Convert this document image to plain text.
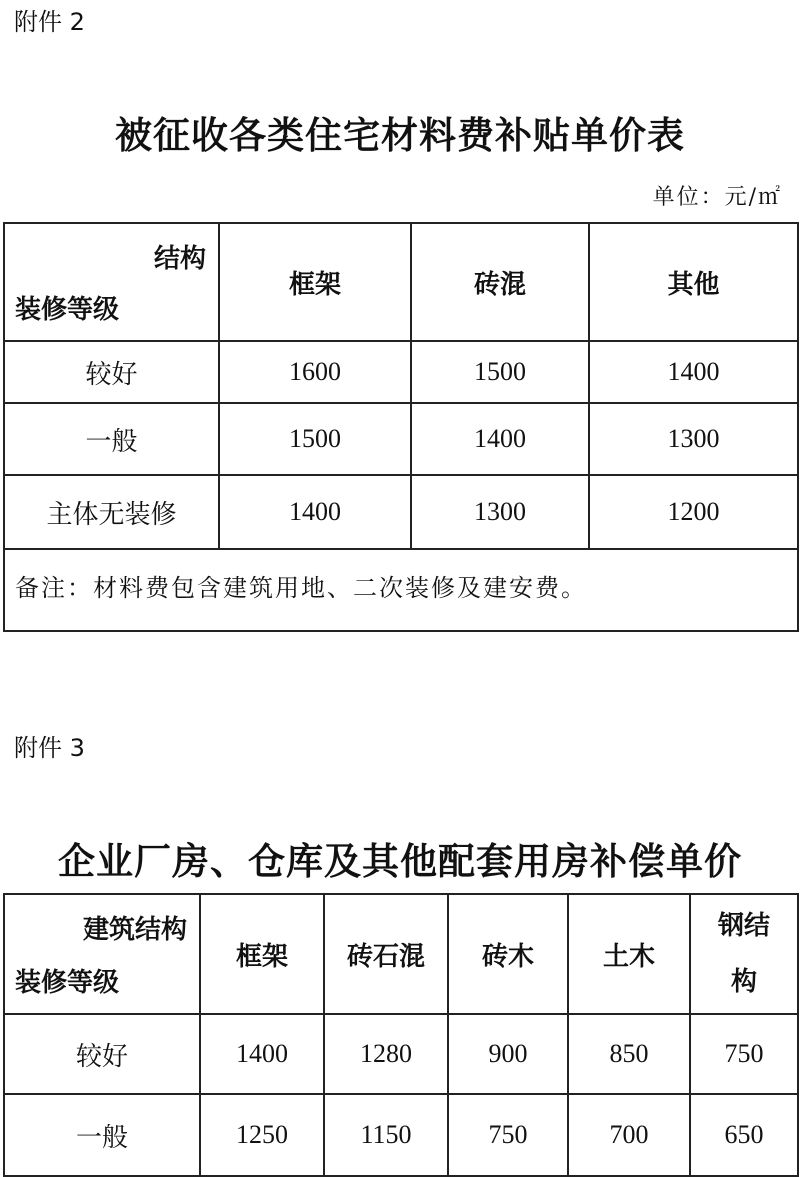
附件 2
被征收各类住宅材料费补贴单价表
单位：元/㎡
结构
装修等级	框架	砖混	其他
较好	1600	1500	1400
一般	1500	1400	1300
主体无装修	1400	1300	1200
备注：材料费包含建筑用地、二次装修及建安费。			
附件 3
企业厂房、仓库及其他配套用房补偿单价
建筑结构
装修等级	框架	砖石混	砖木	土木	钢结
构
较好	1400	1280	900	850	750
一般	1250	1150	750	700	650
